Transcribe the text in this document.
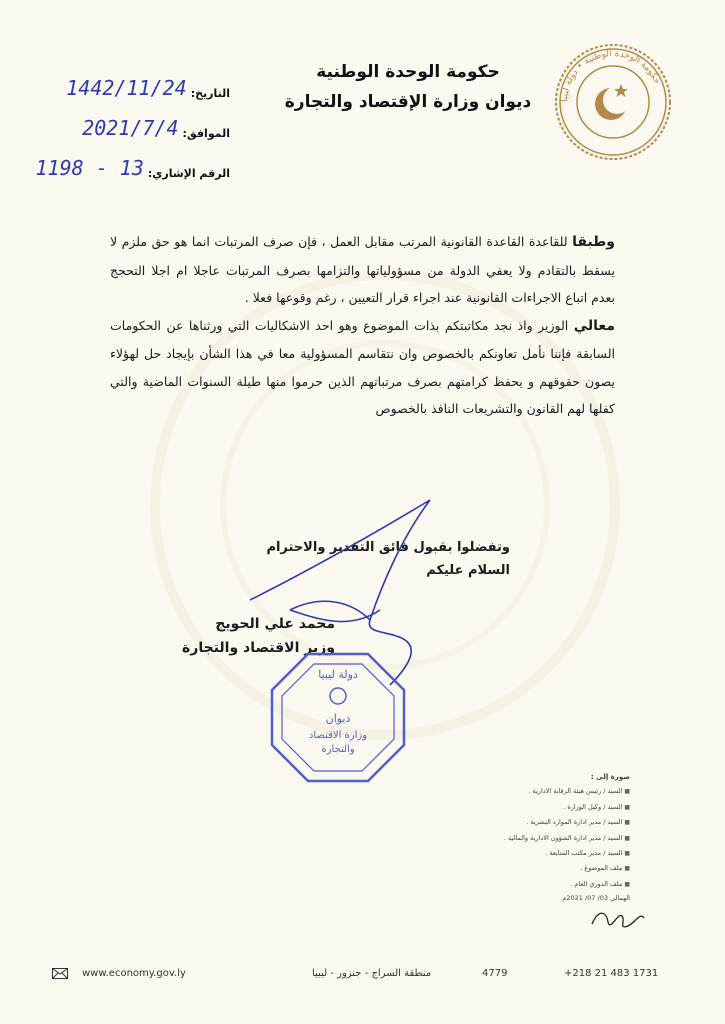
حكومة الوحدة الوطنية • دولة ليبيا
حكومة الوحدة الوطنية
ديوان وزارة الإقتصاد والتجارة
التاريخ:
1442/11/24
الموافق:
2021/7/4
الرقم الإشاري:
1198 - 13

وطبقا للقاعدة القاعدة القانونية المرتب مقابل العمل ، فإن صرف المرتبات انما هو حق ملزم لا يسقط بالتقادم ولا يعفي الدولة من مسؤولياتها والتزامها بصرف المرتبات عاجلا ام اجلا التحجج بعدم اتباع الاجراءات القانونية عند اجراء قرار التعيين ، رغم وقوعها فعلا .

معالي الوزير واذ نجد مكاتبتكم بذات الموضوع وهو احد الاشكاليات التي ورثناها عن الحكومات السابقة فإننا نأمل تعاونكم بالخصوص وان نتقاسم المسؤولية معا في هذا الشأن بإيجاد حل لهؤلاء يصون حقوقهم و يحفظ كرامتهم بصرف مرتباتهم الذين حرموا منها طيلة السنوات الماضية والتي كفلها لهم القانون والتشريعات النافذ بالخصوص

وتفضلوا بقبول فائق التقدير والاحترام
السلام عليكم
محمد علي الحويج
وزير الاقتصاد والتجارة
دولة ليبيا
ديوان
وزارة الاقتصاد
والتجارة
صورة إلى :
■ السيد / رئيس هيئة الرقابة الادارية .
■ السيد / وكيل الوزارة .
■ السيد / مدير ادارة الموارد البشرية .
■ السيد / مدير ادارة الشؤون الادارية والمالية .
■ السيد / مدير مكتب المتابعة .
■ ملف الموضوع .
■ ملف الدوري العام .
الهمالي 03/ 07/ 2021م
www.economy.gov.ly	منطقة السراج - جنزور - ليبيا	4779	+218 21 483 1731
